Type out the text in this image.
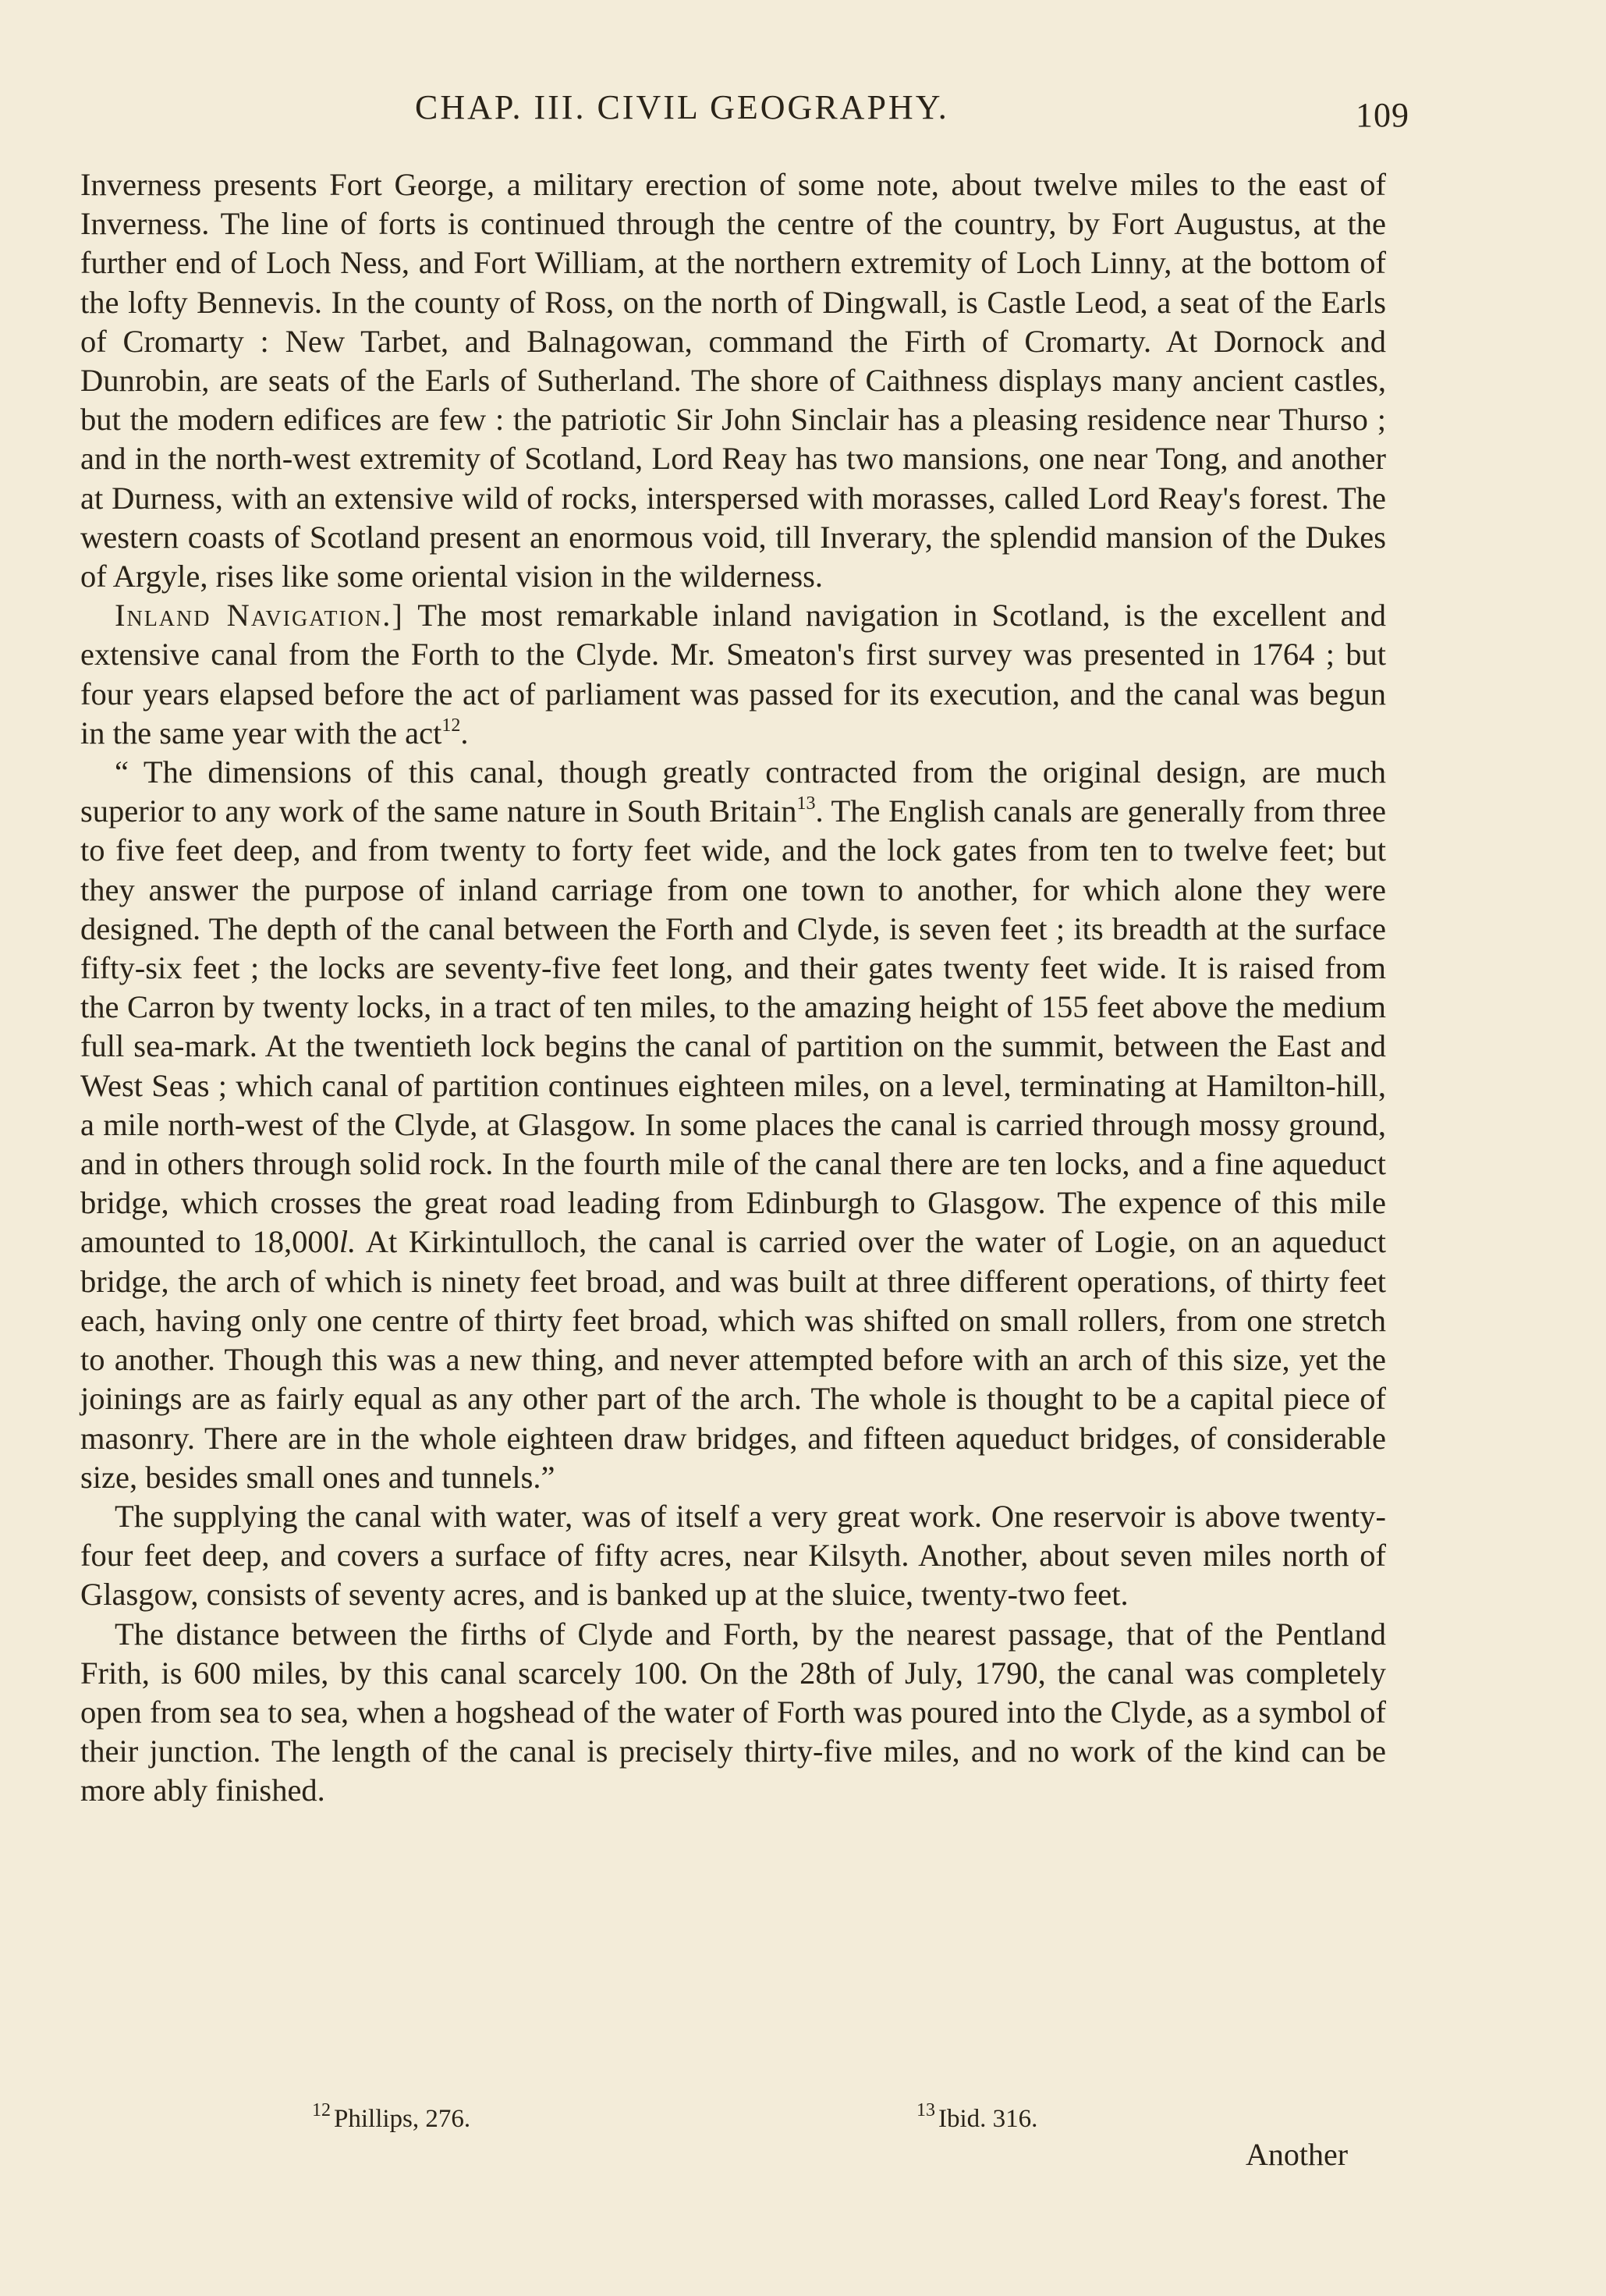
CHAP. III. CIVIL GEOGRAPHY.	109

Inverness presents Fort George, a military erection of some note, about twelve miles to the east of Inverness. The line of forts is continued through the centre of the country, by Fort Augustus, at the further end of Loch Ness, and Fort William, at the northern extremity of Loch Linny, at the bottom of the lofty Bennevis. In the county of Ross, on the north of Dingwall, is Castle Leod, a seat of the Earls of Cromarty : New Tarbet, and Balnagowan, command the Firth of Cromarty. At Dornock and Dunrobin, are seats of the Earls of Sutherland. The shore of Caithness displays many ancient castles, but the modern edifices are few : the patriotic Sir John Sinclair has a pleasing residence near Thurso ; and in the north-west extremity of Scotland, Lord Reay has two mansions, one near Tong, and another at Durness, with an extensive wild of rocks, interspersed with morasses, called Lord Reay's forest. The western coasts of Scotland present an enormous void, till Inverary, the splendid mansion of the Dukes of Argyle, rises like some oriental vision in the wilderness.

Inland Navigation.] The most remarkable inland navigation in Scotland, is the excellent and extensive canal from the Forth to the Clyde. Mr. Smeaton's first survey was presented in 1764 ; but four years elapsed before the act of parliament was passed for its execution, and the canal was begun in the same year with the act$^{12}$.

“ The dimensions of this canal, though greatly contracted from the original design, are much superior to any work of the same nature in South Britain$^{13}$. The English canals are generally from three to five feet deep, and from twenty to forty feet wide, and the lock gates from ten to twelve feet; but they answer the purpose of inland carriage from one town to another, for which alone they were designed. The depth of the canal between the Forth and Clyde, is seven feet ; its breadth at the surface fifty-six feet ; the locks are seventy-five feet long, and their gates twenty feet wide. It is raised from the Carron by twenty locks, in a tract of ten miles, to the amazing height of 155 feet above the medium full sea-mark. At the twentieth lock begins the canal of partition on the summit, between the East and West Seas ; which canal of partition continues eighteen miles, on a level, terminating at Hamilton-hill, a mile north-west of the Clyde, at Glasgow. In some places the canal is carried through mossy ground, and in others through solid rock. In the fourth mile of the canal there are ten locks, and a fine aqueduct bridge, which crosses the great road leading from Edinburgh to Glasgow. The expence of this mile amounted to 18,000l. At Kirkintulloch, the canal is carried over the water of Logie, on an aqueduct bridge, the arch of which is ninety feet broad, and was built at three different operations, of thirty feet each, having only one centre of thirty feet broad, which was shifted on small rollers, from one stretch to another. Though this was a new thing, and never attempted before with an arch of this size, yet the joinings are as fairly equal as any other part of the arch. The whole is thought to be a capital piece of masonry. There are in the whole eighteen draw bridges, and fifteen aqueduct bridges, of considerable size, besides small ones and tunnels.”

The supplying the canal with water, was of itself a very great work. One reservoir is above twenty-four feet deep, and covers a surface of fifty acres, near Kilsyth. Another, about seven miles north of Glasgow, consists of seventy acres, and is banked up at the sluice, twenty-two feet.

The distance between the firths of Clyde and Forth, by the nearest passage, that of the Pentland Frith, is 600 miles, by this canal scarcely 100. On the 28th of July, 1790, the canal was completely open from sea to sea, when a hogshead of the water of Forth was poured into the Clyde, as a symbol of their junction. The length of the canal is precisely thirty-five miles, and no work of the kind can be more ably finished.

$^{12}$ Phillips, 276.	$^{13}$ Ibid. 316.
Another
